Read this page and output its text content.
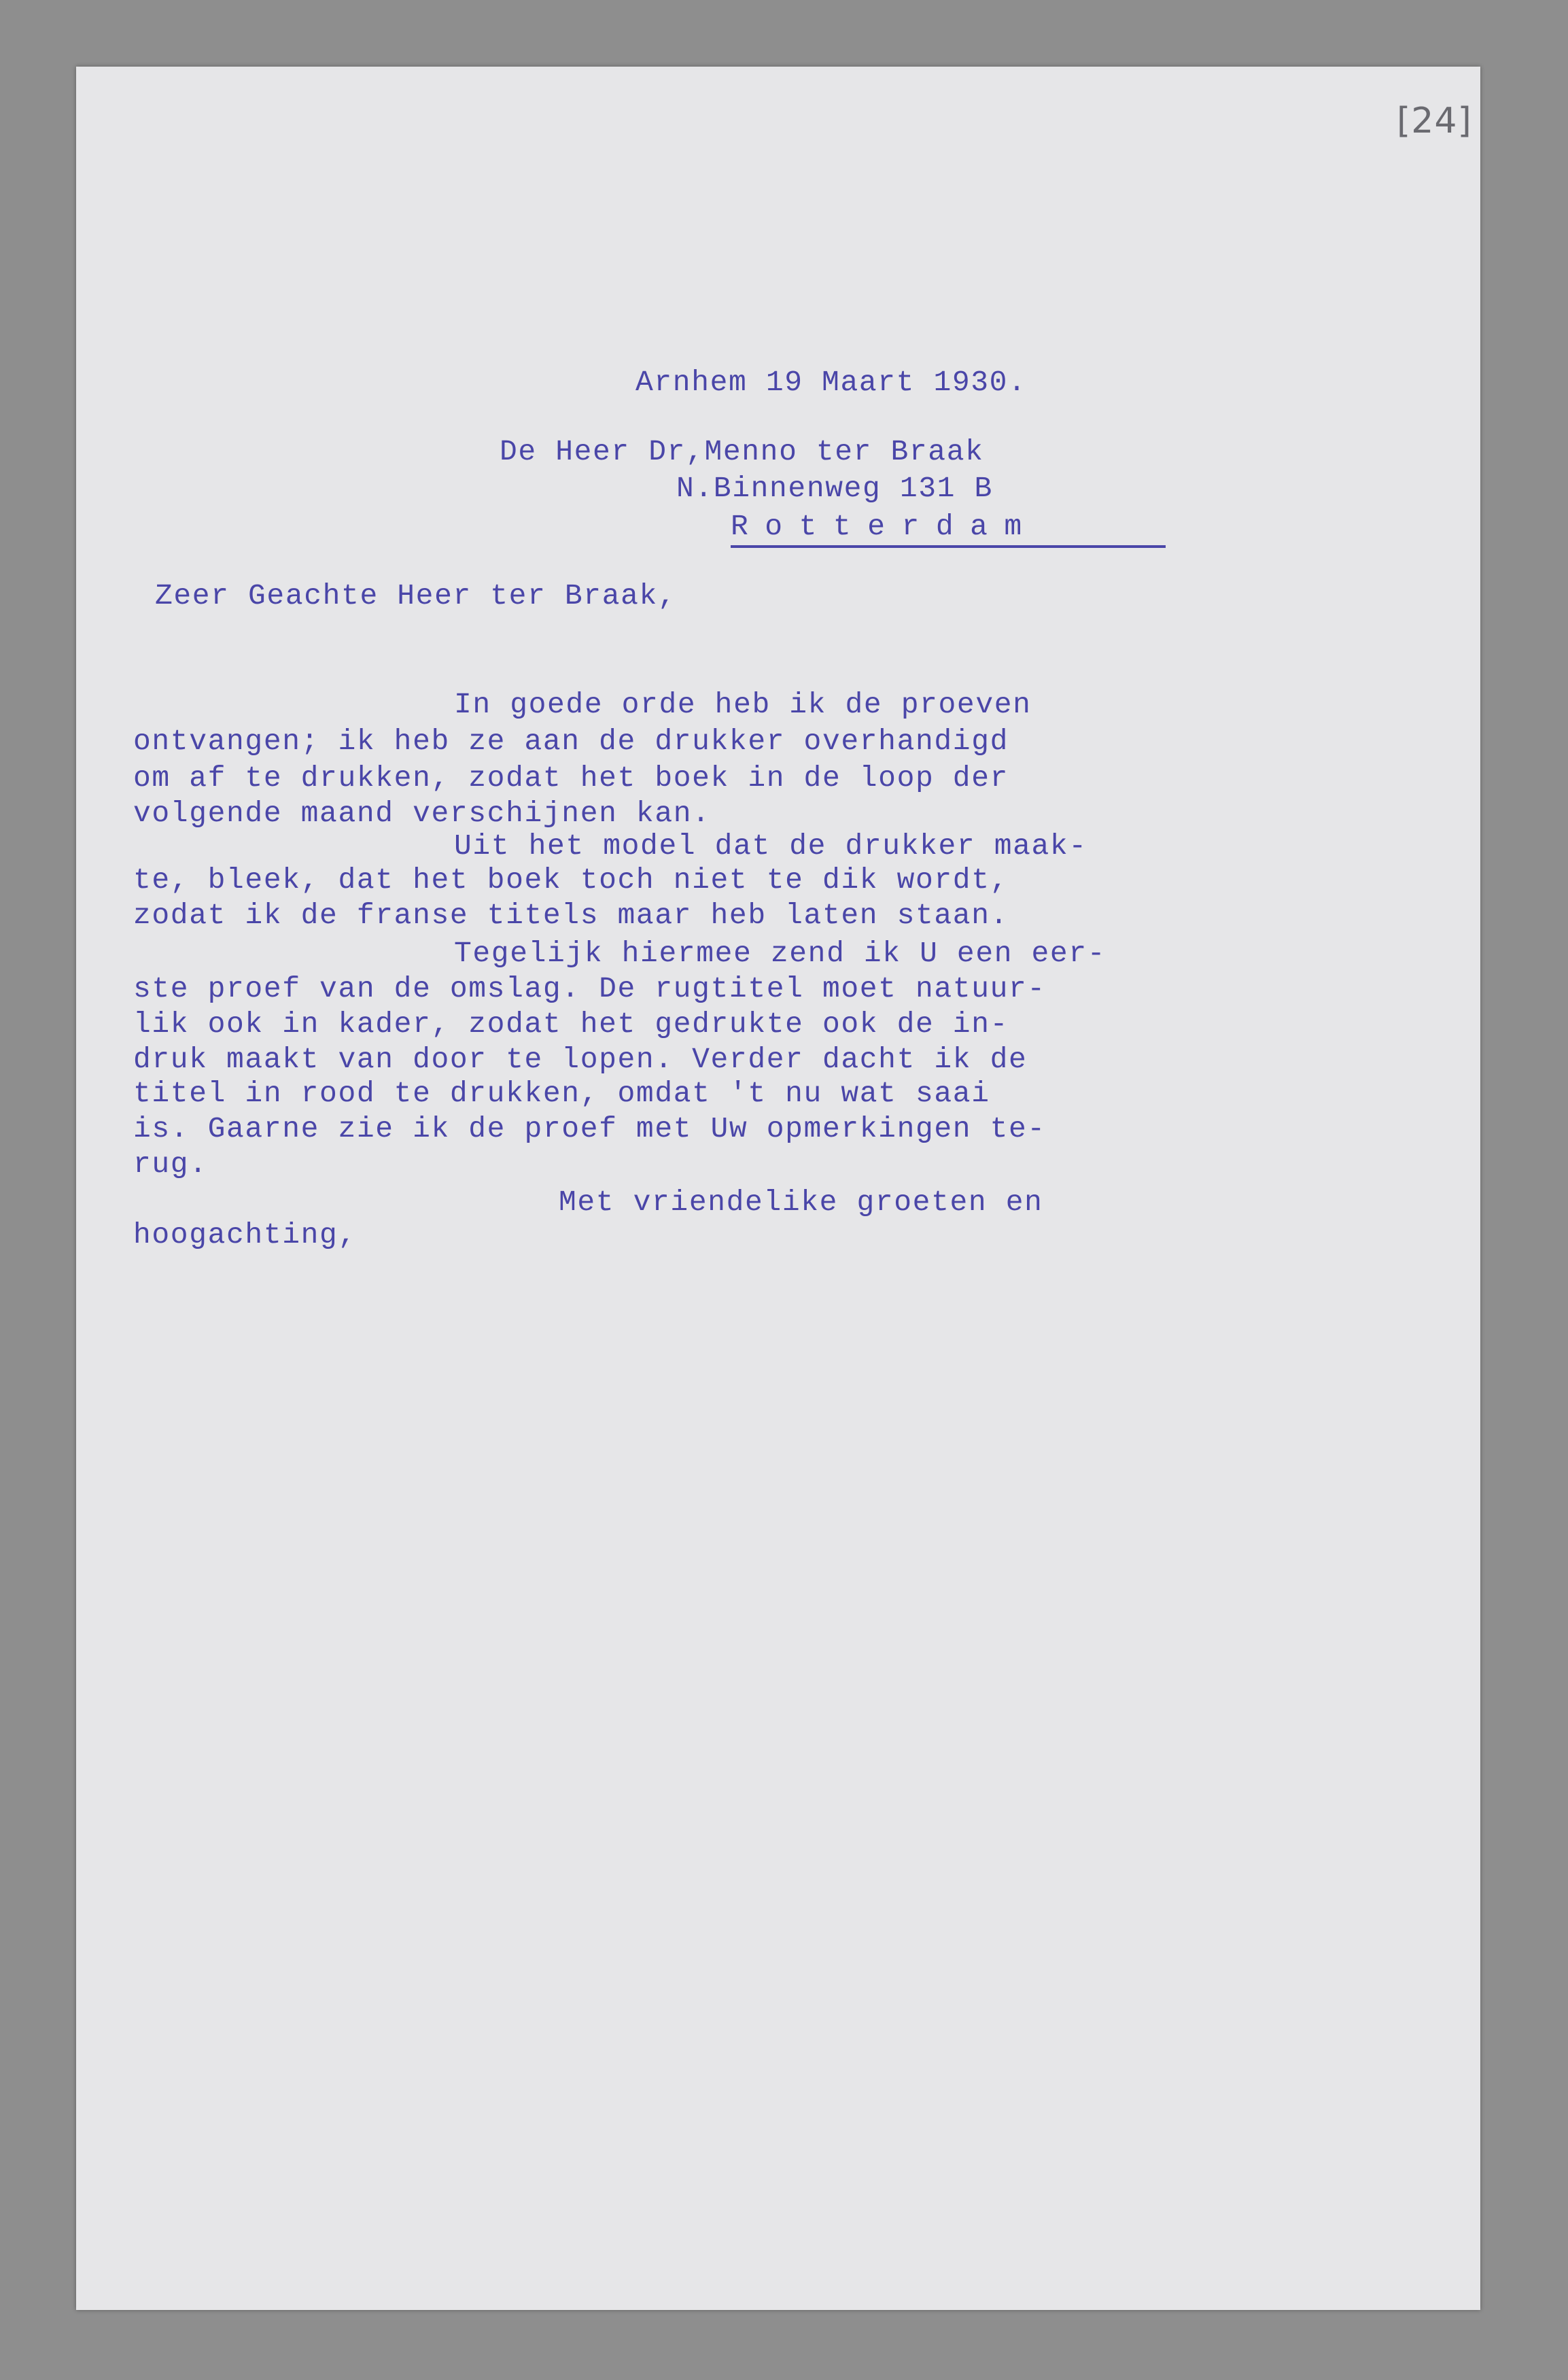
[24]
Arnhem 19 Maart 1930.
De Heer Dr,Menno ter Braak
N.Binnenweg 131 B
Rotterdam
Zeer Geachte Heer ter Braak,
In goede orde heb ik de proeven
ontvangen; ik heb ze aan de drukker overhandigd
om af te drukken, zodat het boek in de loop der
volgende maand verschijnen kan.
Uit het model dat de drukker maak-
te, bleek, dat het boek toch niet te dik wordt,
zodat ik de franse titels maar heb laten staan.
Tegelijk hiermee zend ik U een eer-
ste proef van de omslag. De rugtitel moet natuur-
lik ook in kader, zodat het gedrukte ook de in-
druk maakt van door te lopen. Verder dacht ik de
titel in rood te drukken, omdat 't nu wat saai
is. Gaarne zie ik de proef met Uw opmerkingen te-
rug.
Met vriendelike groeten en
hoogachting,
